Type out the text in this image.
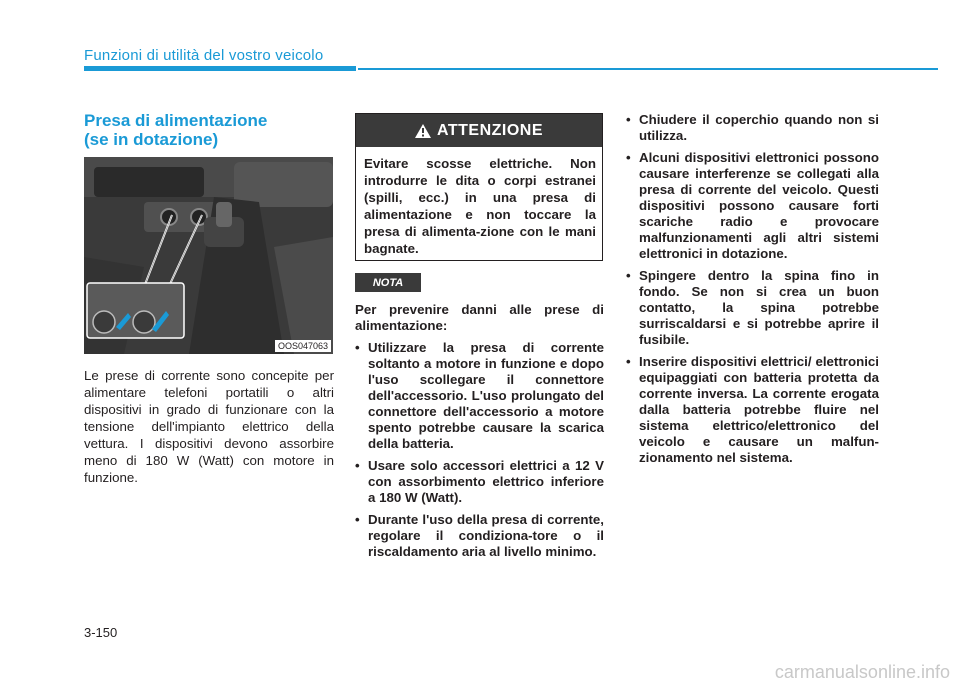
Funzioni di utilità del vostro veicolo
Presa di alimentazione
(se in dotazione)
OOS047063
Le prese di corrente sono concepite per alimentare telefoni portatili o altri dispositivi in grado di funzionare con la tensione dell'impianto elettrico della vettura. I dispositivi devono assorbire meno di 180 W (Watt) con motore in funzione.
ATTENZIONE
Evitare scosse elettriche. Non introdurre le dita o corpi estranei (spilli, ecc.) in una presa di alimentazione e non toccare la presa di alimenta-zione con le mani bagnate.
NOTA
Per prevenire danni alle prese di alimentazione:
• Utilizzare la presa di corrente soltanto a motore in funzione e dopo l'uso scollegare il connettore dell'accessorio. L'uso prolungato del connettore dell'accessorio a motore spento potrebbe causare la scarica della batteria.
• Usare solo accessori elettrici a 12 V con assorbimento elettrico inferiore a 180 W (Watt).
• Durante l'uso della presa di corrente, regolare il condiziona-tore o il riscaldamento aria al livello minimo.
• Chiudere il coperchio quando non si utilizza.
• Alcuni dispositivi elettronici possono causare interferenze se collegati alla presa di corrente del veicolo. Questi dispositivi possono causare forti scariche radio e provocare malfunzionamenti agli altri sistemi elettronici in dotazione.
• Spingere dentro la spina fino in fondo. Se non si crea un buon contatto, la spina potrebbe surriscaldarsi e si potrebbe aprire il fusibile.
• Inserire dispositivi elettrici/ elettronici equipaggiati con batteria protetta da corrente inversa. La corrente erogata dalla batteria potrebbe fluire nel sistema elettrico/elettronico del veicolo e causare un malfun-zionamento nel sistema.
3-150
carmanualsonline.info
